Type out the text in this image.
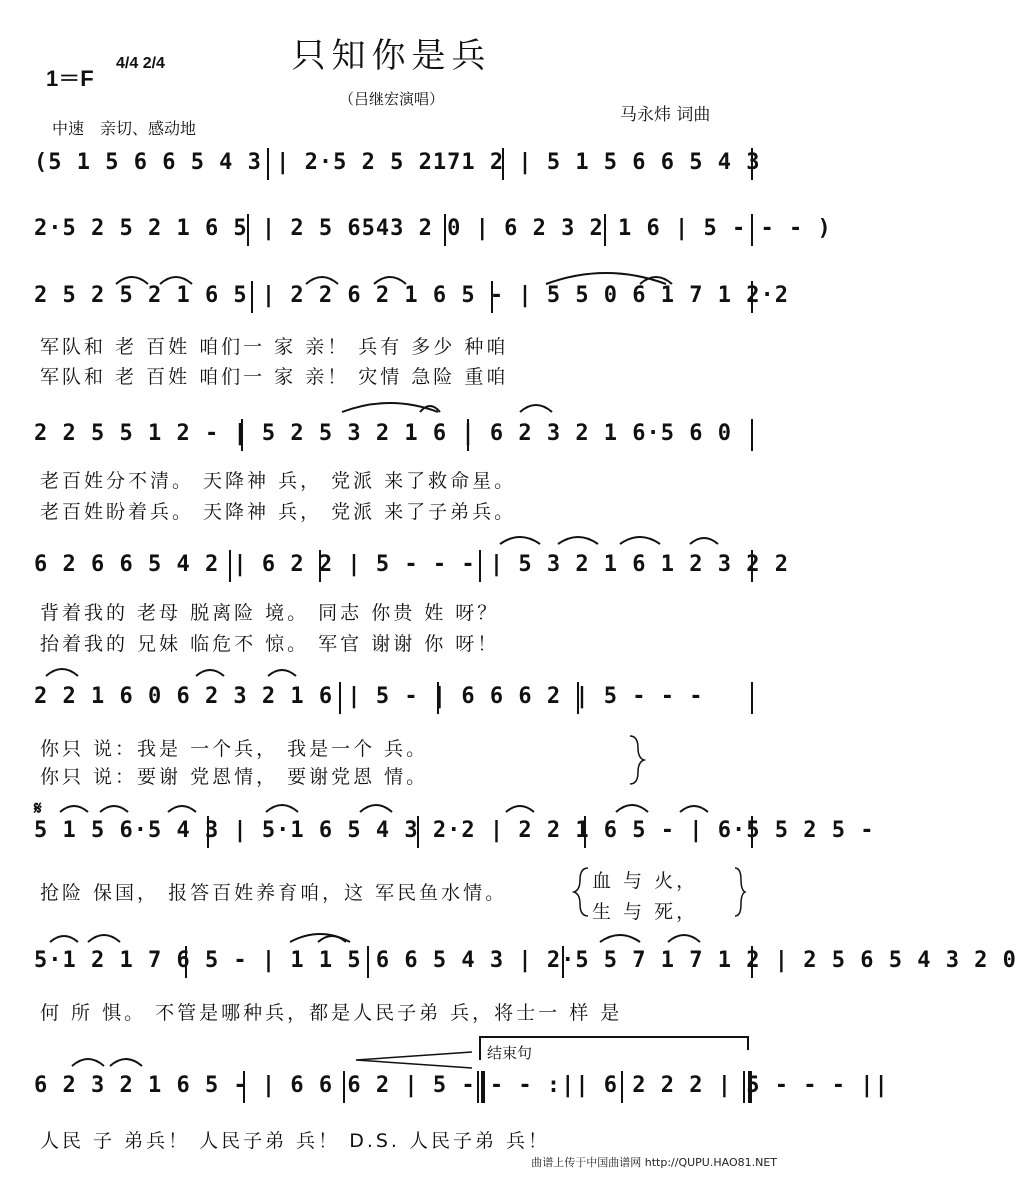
只知你是兵
（吕继宏演唱）
1＝F
4/4 2/4
中速　亲切、感动地
马永炜 词曲
(5 1 5 6 6 5 4 3 | 2·5 2 5 2171 2 | 5 1 5 6 6 5 4 3
2·5 2 5 2 1 6 5 | 2 5 6543 2 0 | 6 2 3 2 1 6 | 5 - - - )
2 5 2 5 2 1 6 5 | 2 2 6 2 1 6 5 - | 5 5 0 6 1 7 1 2·2
军队和 老 百姓 咱们一 家 亲！ 兵有 多少 种咱
军队和 老 百姓 咱们一 家 亲！ 灾情 急险 重咱
2 2 5 5 1 2 - | 5 2 5 3 2 1 6 | 6 2 3 2 1 6·5 6 0
老百姓分不清。 天降神 兵， 党派 来了救命星。
老百姓盼着兵。 天降神 兵， 党派 来了子弟兵。
6 2 6 6 5 4 2 | 6 2 2 | 5 - - - | 5 3 2 1 6 1 2 3 2 2
背着我的 老母 脱离险 境。 同志 你贵 姓 呀？
抬着我的 兄妹 临危不 惊。 军官 谢谢 你 呀！
2 2 1 6 0 6 2 3 2 1 6 | 5 - | 6 6 6 2 | 5 - - -
你只 说：我是 一个兵， 我是一个 兵。
你只 说：要谢 党恩情， 要谢党恩 情。
𝄋
5 1 5 6·5 4 3 | 5·1 6 5 4 3 2·2 | 2 2 1 6 5 - | 6·5 5 2 5 -
抢险 保国， 报答百姓养育咱，这 军民鱼水情。
血 与 火，
生 与 死，
5·1 2 1 7 6 5 - | 1 1 5 6 6 5 4 3 | 2·5 5 7 1 7 1 2 | 2 5 6 5 4 3 2 0
何 所 惧。 不管是哪种兵，都是人民子弟 兵，将士一 样 是
结束句
6 2 3 2 1 6 5 - | 6 6 6 2 | 5 - - - :|| 6 2 2 2 | 5 - - - ||
人民 子 弟兵！ 人民子弟 兵！ D.S. 人民子弟 兵！
曲谱上传于中国曲谱网 http://QUPU.HAO81.NET
